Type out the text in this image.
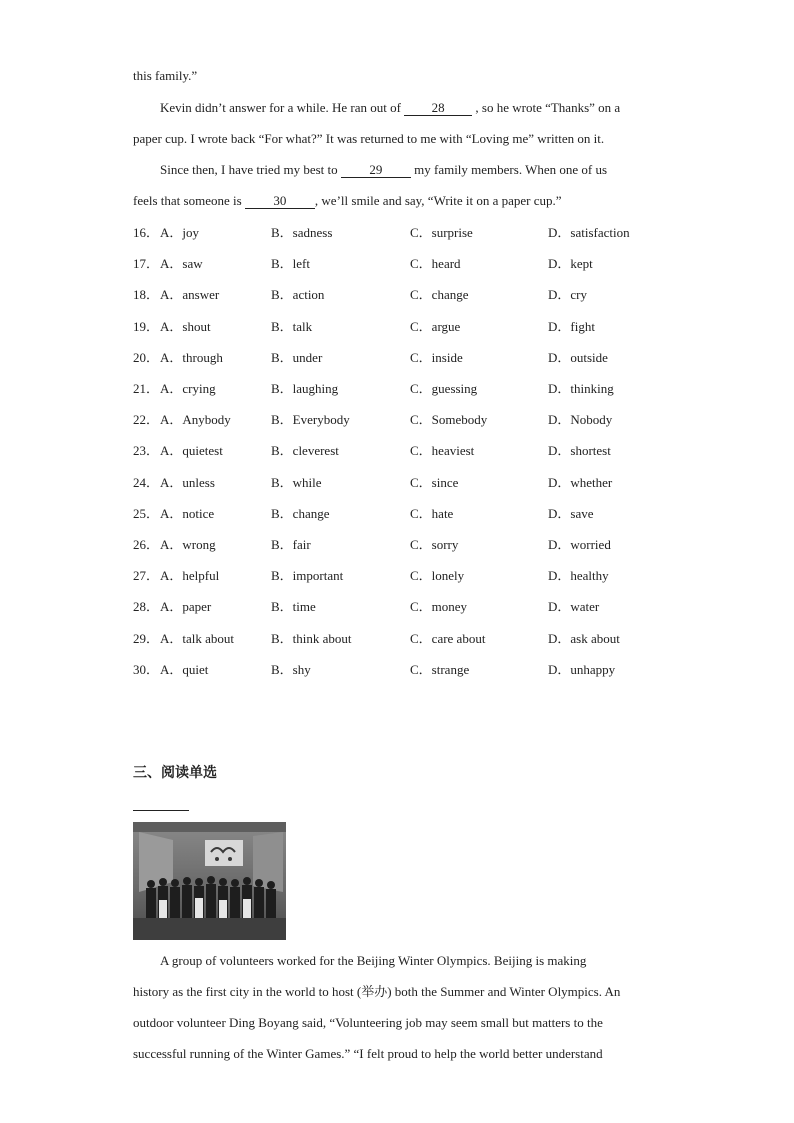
this family.”
Kevin didn’t answer for a while. He ran out of 28 , so he wrote “Thanks” on a
paper cup. I wrote back “For what?” It was returned to me with “Loving me” written on it.
Since then, I have tried my best to 29 my family members. When one of us
feels that someone is 30 , we’ll smile and say, “Write it on a paper cup.”
16． A．joy	B．sadness	C．surprise	D．satisfaction
17． A．saw	B．left	C．heard	D．kept
18． A．answer	B．action	C．change	D．cry
19． A．shout	B．talk	C．argue	D．fight
20． A．through	B．under	C．inside	D．outside
21． A．crying	B．laughing	C．guessing	D．thinking
22． A．Anybody	B．Everybody	C．Somebody	D．Nobody
23． A．quietest	B．cleverest	C．heaviest	D．shortest
24． A．unless	B．while	C．since	D．whether
25． A．notice	B．change	C．hate	D．save
26． A．wrong	B．fair	C．sorry	D．worried
27． A．helpful	B．important	C．lonely	D．healthy
28． A．paper	B．time	C．money	D．water
29． A．talk about	B．think about	C．care about	D．ask about
30． A．quiet	B．shy	C．strange	D．unhappy
三、阅读单选
A group of volunteers worked for the Beijing Winter Olympics. Beijing is making
history as the first city in the world to host (举办) both the Summer and Winter Olympics. An
outdoor volunteer Ding Boyang said, “Volunteering job may seem small but matters to the
successful running of the Winter Games.” “I felt proud to help the world better understand
